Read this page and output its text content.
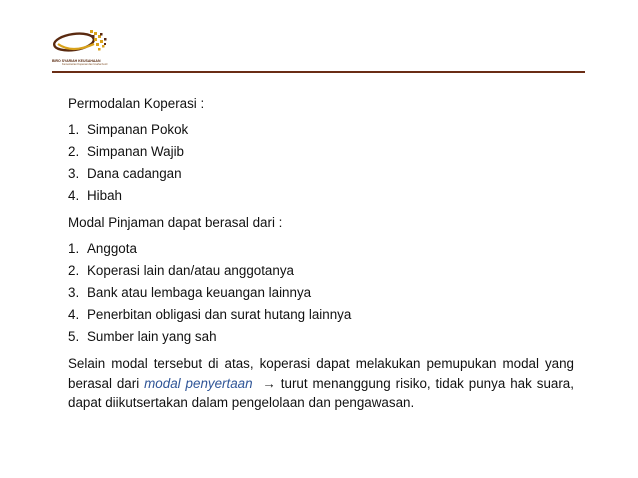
BIRO SYARIAH KEUSAHAAN
Kementerian Koperasi dan Usaha Kecil
Permodalan Koperasi :
1. Simpanan Pokok
2. Simpanan Wajib
3. Dana cadangan
4. Hibah
Modal Pinjaman dapat berasal dari :
1. Anggota
2. Koperasi lain dan/atau anggotanya
3. Bank atau lembaga keuangan lainnya
4. Penerbitan obligasi dan surat hutang lainnya
5. Sumber lain yang sah
Selain modal tersebut di atas, koperasi dapat melakukan pemupukan modal yang berasal dari modal penyertaan → turut menanggung risiko, tidak punya hak suara, dapat diikutsertakan dalam pengelolaan dan pengawasan.
